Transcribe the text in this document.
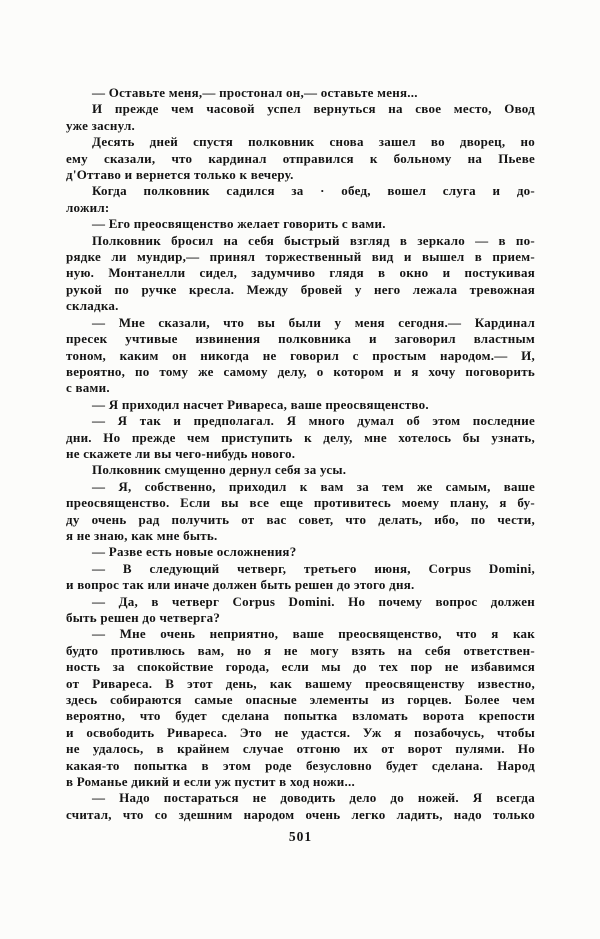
— Оставьте меня,— простонал он,— оставьте меня...
И прежде чем часовой успел вернуться на свое место, Овод
уже заснул.
Десять дней спустя полковник снова зашел во дворец, но
ему сказали, что кардинал отправился к больному на Пьеве
д'Оттаво и вернется только к вечеру.
Когда полковник садился за · обед, вошел слуга и до-
ложил:
— Его преосвященство желает говорить с вами.
Полковник бросил на себя быстрый взгляд в зеркало — в по-
рядке ли мундир,— принял торжественный вид и вышел в прием-
ную. Монтанелли сидел, задумчиво глядя в окно и постукивая
рукой по ручке кресла. Между бровей у него лежала тревожная
складка.
— Мне сказали, что вы были у меня сегодня.— Кардинал
пресек учтивые извинения полковника и заговорил властным
тоном, каким он никогда не говорил с простым народом.— И,
вероятно, по тому же самому делу, о котором и я хочу поговорить
с вами.
— Я приходил насчет Ривареса, ваше преосвященство.
— Я так и предполагал. Я много думал об этом последние
дни. Но прежде чем приступить к делу, мне хотелось бы узнать,
не скажете ли вы чего-нибудь нового.
Полковник смущенно дернул себя за усы.
— Я, собственно, приходил к вам за тем же самым, ваше
преосвященство. Если вы все еще противитесь моему плану, я бу-
ду очень рад получить от вас совет, что делать, ибо, по чести,
я не знаю, как мне быть.
— Разве есть новые осложнения?
— В следующий четверг, третьего июня, Corpus Domini,
и вопрос так или иначе должен быть решен до этого дня.
— Да, в четверг Corpus Domini. Но почему вопрос должен
быть решен до четверга?
— Мне очень неприятно, ваше преосвященство, что я как
будто противлюсь вам, но я не могу взять на себя ответствен-
ность за спокойствие города, если мы до тех пор не избавимся
от Ривареса. В этот день, как вашему преосвященству известно,
здесь собираются самые опасные элементы из горцев. Более чем
вероятно, что будет сделана попытка взломать ворота крепости
и освободить Ривареса. Это не удастся. Уж я позабочусь, чтобы
не удалось, в крайнем случае отгоню их от ворот пулями. Но
какая-то попытка в этом роде безусловно будет сделана. Народ
в Романье дикий и если уж пустит в ход ножи...
— Надо постараться не доводить дело до ножей. Я всегда
считал, что со здешним народом очень легко ладить, надо только
501
